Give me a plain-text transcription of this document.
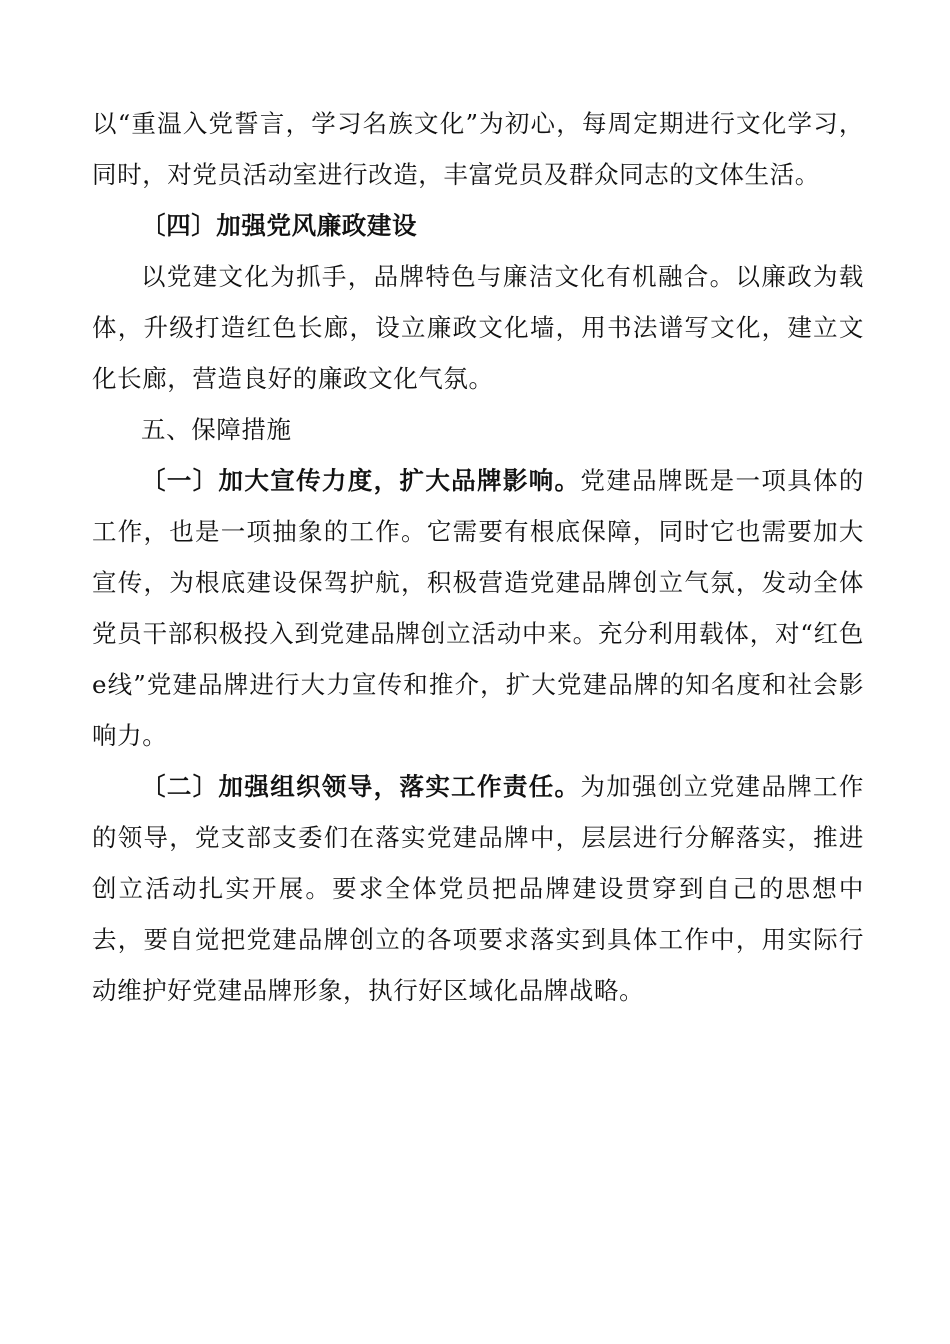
以“重温入党誓言，学习名族文化”为初心，每周定期进行文化学习，同时，对党员活动室进行改造，丰富党员及群众同志的文体生活。

〔四〕加强党风廉政建设

以党建文化为抓手，品牌特色与廉洁文化有机融合。以廉政为载体，升级打造红色长廊，设立廉政文化墙，用书法谱写文化，建立文化长廊，营造良好的廉政文化气氛。

五、保障措施

〔一〕加大宣传力度，扩大品牌影响。党建品牌既是一项具体的工作，也是一项抽象的工作。它需要有根底保障，同时它也需要加大宣传，为根底建设保驾护航，积极营造党建品牌创立气氛，发动全体党员干部积极投入到党建品牌创立活动中来。充分利用载体，对“红色e线”党建品牌进行大力宣传和推介，扩大党建品牌的知名度和社会影响力。

〔二〕加强组织领导，落实工作责任。为加强创立党建品牌工作的领导，党支部支委们在落实党建品牌中，层层进行分解落实，推进创立活动扎实开展。要求全体党员把品牌建设贯穿到自己的思想中去，要自觉把党建品牌创立的各项要求落实到具体工作中，用实际行动维护好党建品牌形象，执行好区域化品牌战略。
